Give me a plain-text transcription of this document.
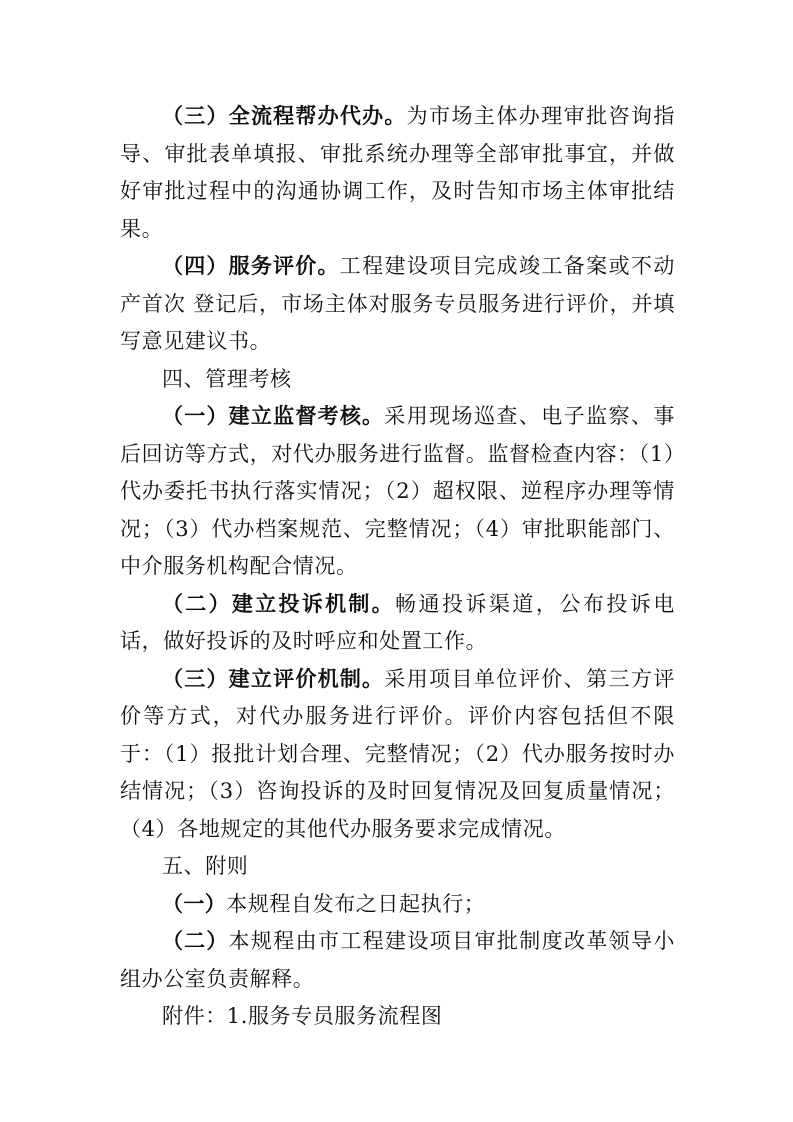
（三）全流程帮办代办。为市场主体办理审批咨询指导、审批表单填报、审批系统办理等全部审批事宜，并做好审批过程中的沟通协调工作，及时告知市场主体审批结果。

（四）服务评价。工程建设项目完成竣工备案或不动产首次 登记后，市场主体对服务专员服务进行评价，并填写意见建议书。

四、管理考核

（一）建立监督考核。采用现场巡查、电子监察、事后回访等方式，对代办服务进行监督。监督检查内容：（1）代办委托书执行落实情况；（2）超权限、逆程序办理等情况；（3）代办档案规范、完整情况；（4）审批职能部门、中介服务机构配合情况。

（二）建立投诉机制。畅通投诉渠道，公布投诉电话，做好投诉的及时呼应和处置工作。

（三）建立评价机制。采用项目单位评价、第三方评价等方式，对代办服务进行评价。评价内容包括但不限于：（1）报批计划合理、完整情况；（2）代办服务按时办结情况；（3）咨询投诉的及时回复情况及回复质量情况；（4）各地规定的其他代办服务要求完成情况。

五、附则

（一）本规程自发布之日起执行；

（二）本规程由市工程建设项目审批制度改革领导小组办公室负责解释。

附件：1.服务专员服务流程图
